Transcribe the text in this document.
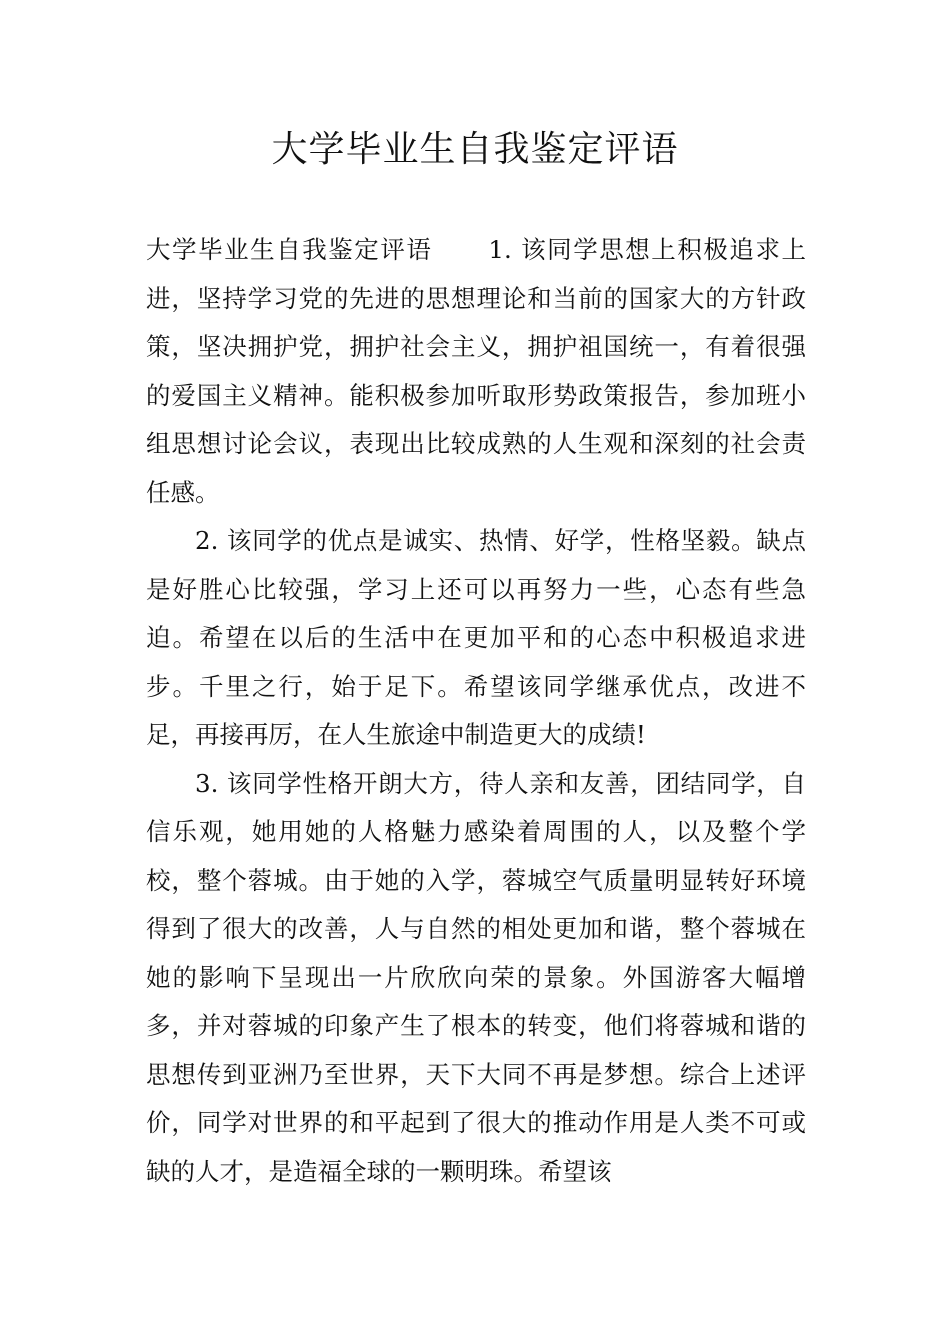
大学毕业生自我鉴定评语

大学毕业生自我鉴定评语 1. 该同学思想上积极追求上进，坚持学习党的先进的思想理论和当前的国家大的方针政策，坚决拥护党，拥护社会主义，拥护祖国统一，有着很强的爱国主义精神。能积极参加听取形势政策报告，参加班小组思想讨论会议，表现出比较成熟的人生观和深刻的社会责任感。

2. 该同学的优点是诚实、热情、好学，性格坚毅。缺点是好胜心比较强，学习上还可以再努力一些，心态有些急迫。希望在以后的生活中在更加平和的心态中积极追求进步。千里之行，始于足下。希望该同学继承优点，改进不足，再接再厉，在人生旅途中制造更大的成绩!

3. 该同学性格开朗大方，待人亲和友善，团结同学，自信乐观，她用她的人格魅力感染着周围的人，以及整个学校，整个蓉城。由于她的入学，蓉城空气质量明显转好环境得到了很大的改善，人与自然的相处更加和谐，整个蓉城在她的影响下呈现出一片欣欣向荣的景象。外国游客大幅增多，并对蓉城的印象产生了根本的转变，他们将蓉城和谐的思想传到亚洲乃至世界，天下大同不再是梦想。综合上述评价，同学对世界的和平起到了很大的推动作用是人类不可或缺的人才，是造福全球的一颗明珠。希望该
